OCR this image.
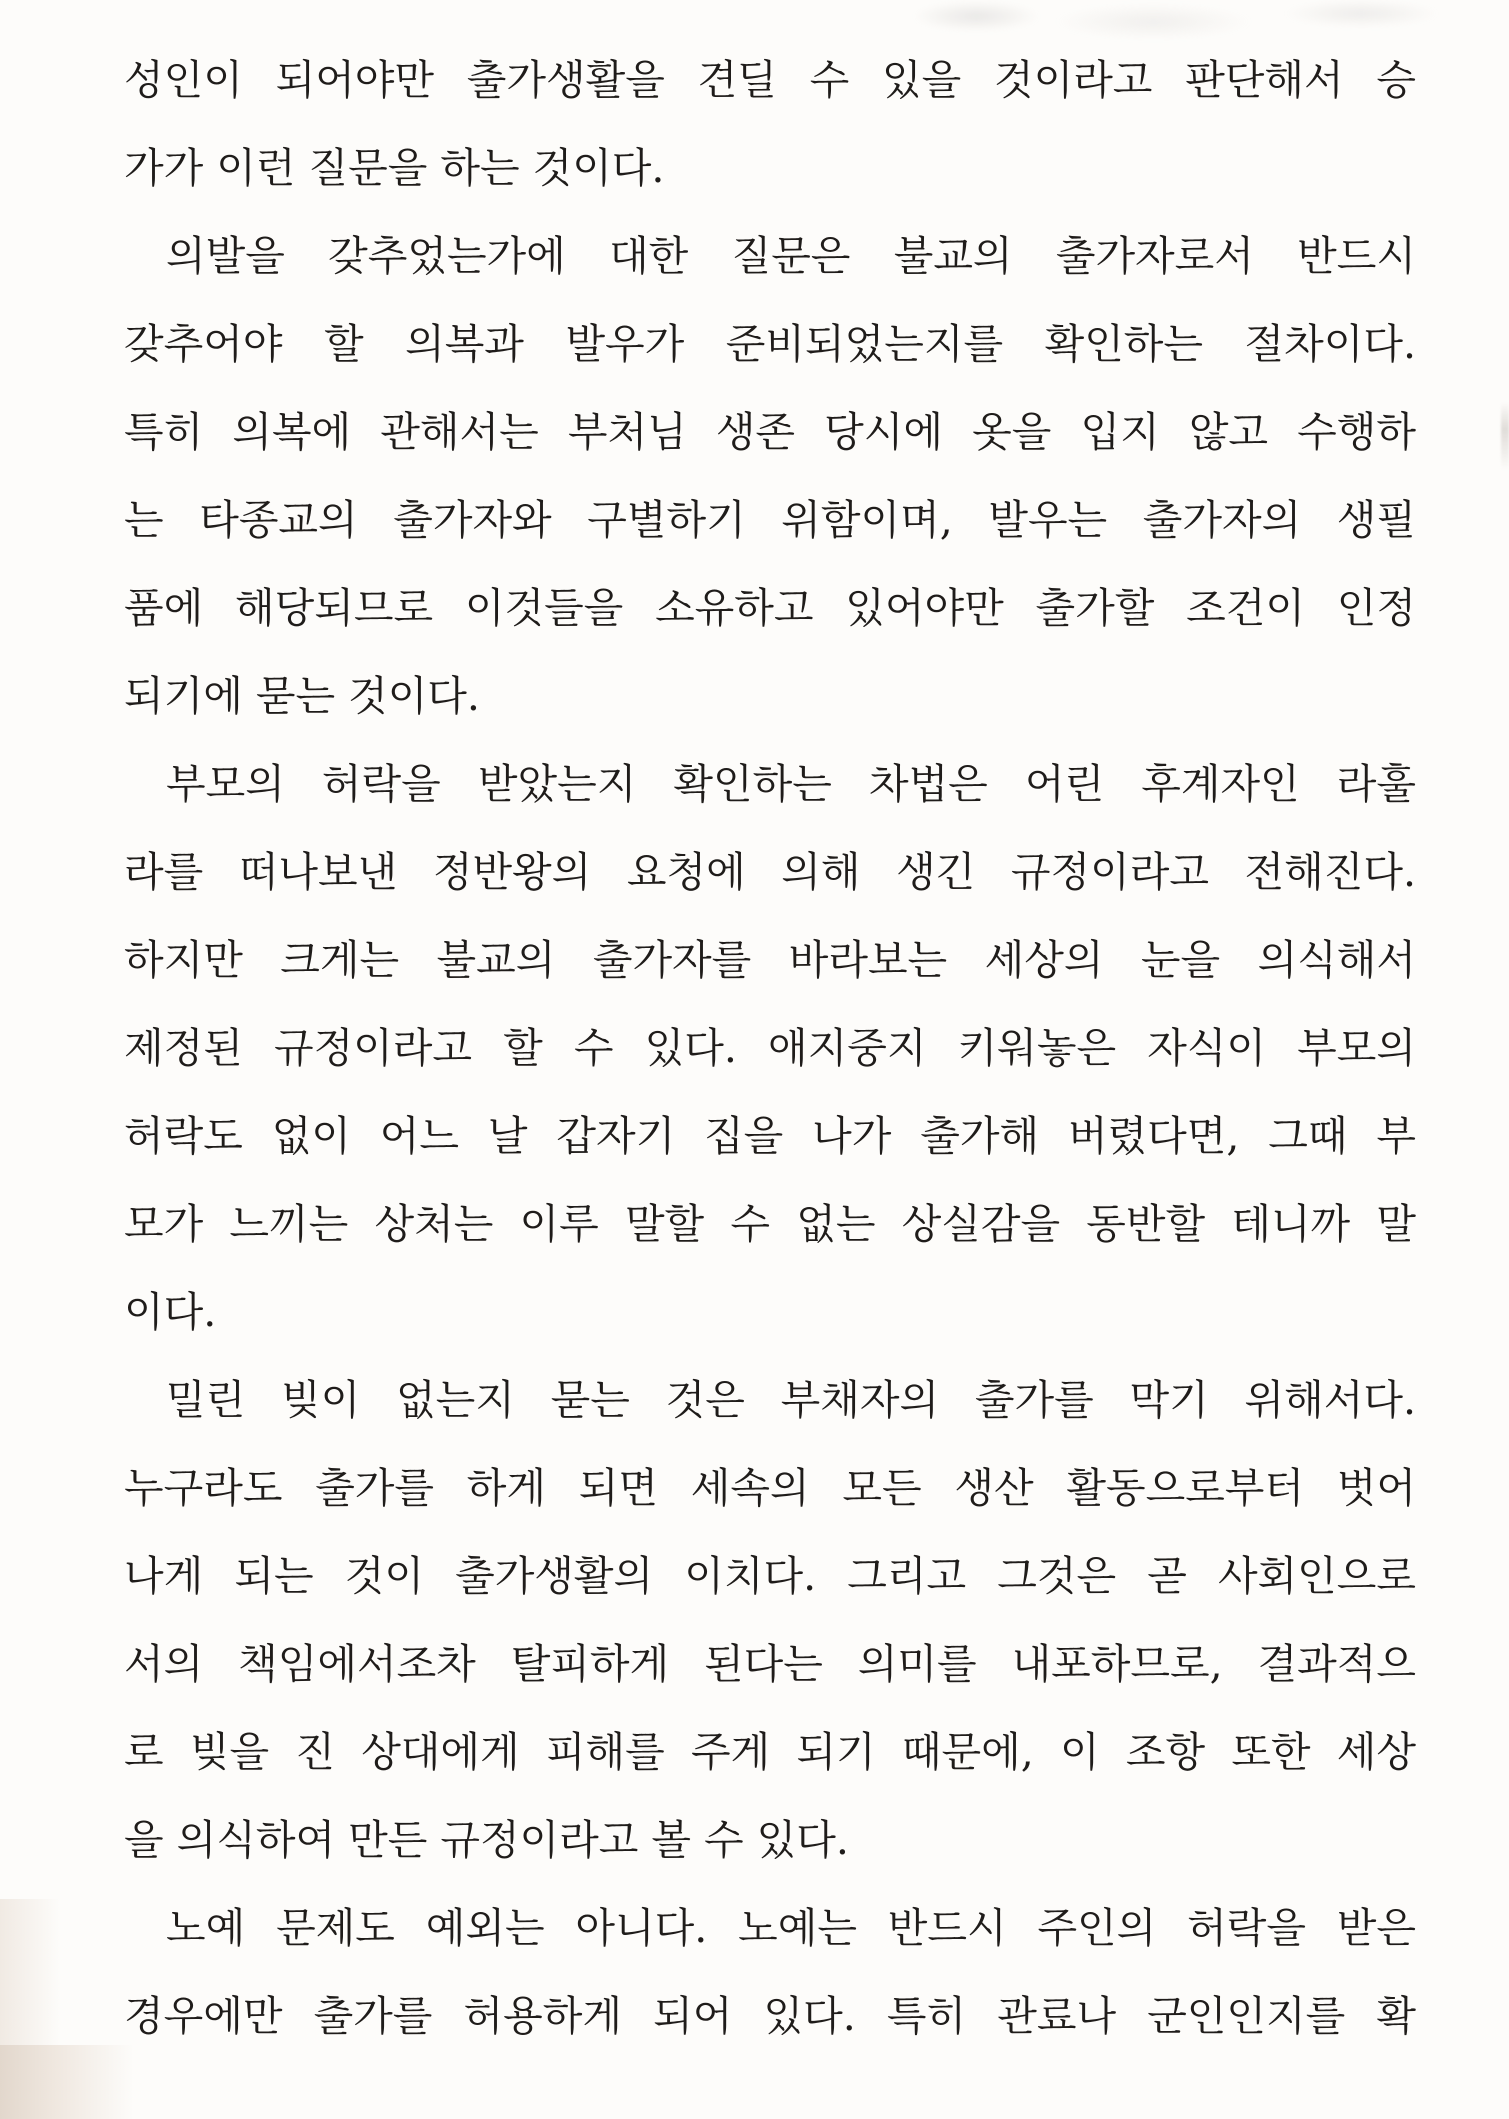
성인이 되어야만 출가생활을 견딜 수 있을 것이라고 판단해서 승
가가 이런 질문을 하는 것이다.
의발을 갖추었는가에 대한 질문은 불교의 출가자로서 반드시
갖추어야 할 의복과 발우가 준비되었는지를 확인하는 절차이다.
특히 의복에 관해서는 부처님 생존 당시에 옷을 입지 않고 수행하
는 타종교의 출가자와 구별하기 위함이며, 발우는 출가자의 생필
품에 해당되므로 이것들을 소유하고 있어야만 출가할 조건이 인정
되기에 묻는 것이다.
부모의 허락을 받았는지 확인하는 차법은 어린 후계자인 라훌
라를 떠나보낸 정반왕의 요청에 의해 생긴 규정이라고 전해진다.
하지만 크게는 불교의 출가자를 바라보는 세상의 눈을 의식해서
제정된 규정이라고 할 수 있다. 애지중지 키워놓은 자식이 부모의
허락도 없이 어느 날 갑자기 집을 나가 출가해 버렸다면, 그때 부
모가 느끼는 상처는 이루 말할 수 없는 상실감을 동반할 테니까 말
이다.
밀린 빚이 없는지 묻는 것은 부채자의 출가를 막기 위해서다.
누구라도 출가를 하게 되면 세속의 모든 생산 활동으로부터 벗어
나게 되는 것이 출가생활의 이치다. 그리고 그것은 곧 사회인으로
서의 책임에서조차 탈피하게 된다는 의미를 내포하므로, 결과적으
로 빚을 진 상대에게 피해를 주게 되기 때문에, 이 조항 또한 세상
을 의식하여 만든 규정이라고 볼 수 있다.
노예 문제도 예외는 아니다. 노예는 반드시 주인의 허락을 받은
경우에만 출가를 허용하게 되어 있다. 특히 관료나 군인인지를 확
